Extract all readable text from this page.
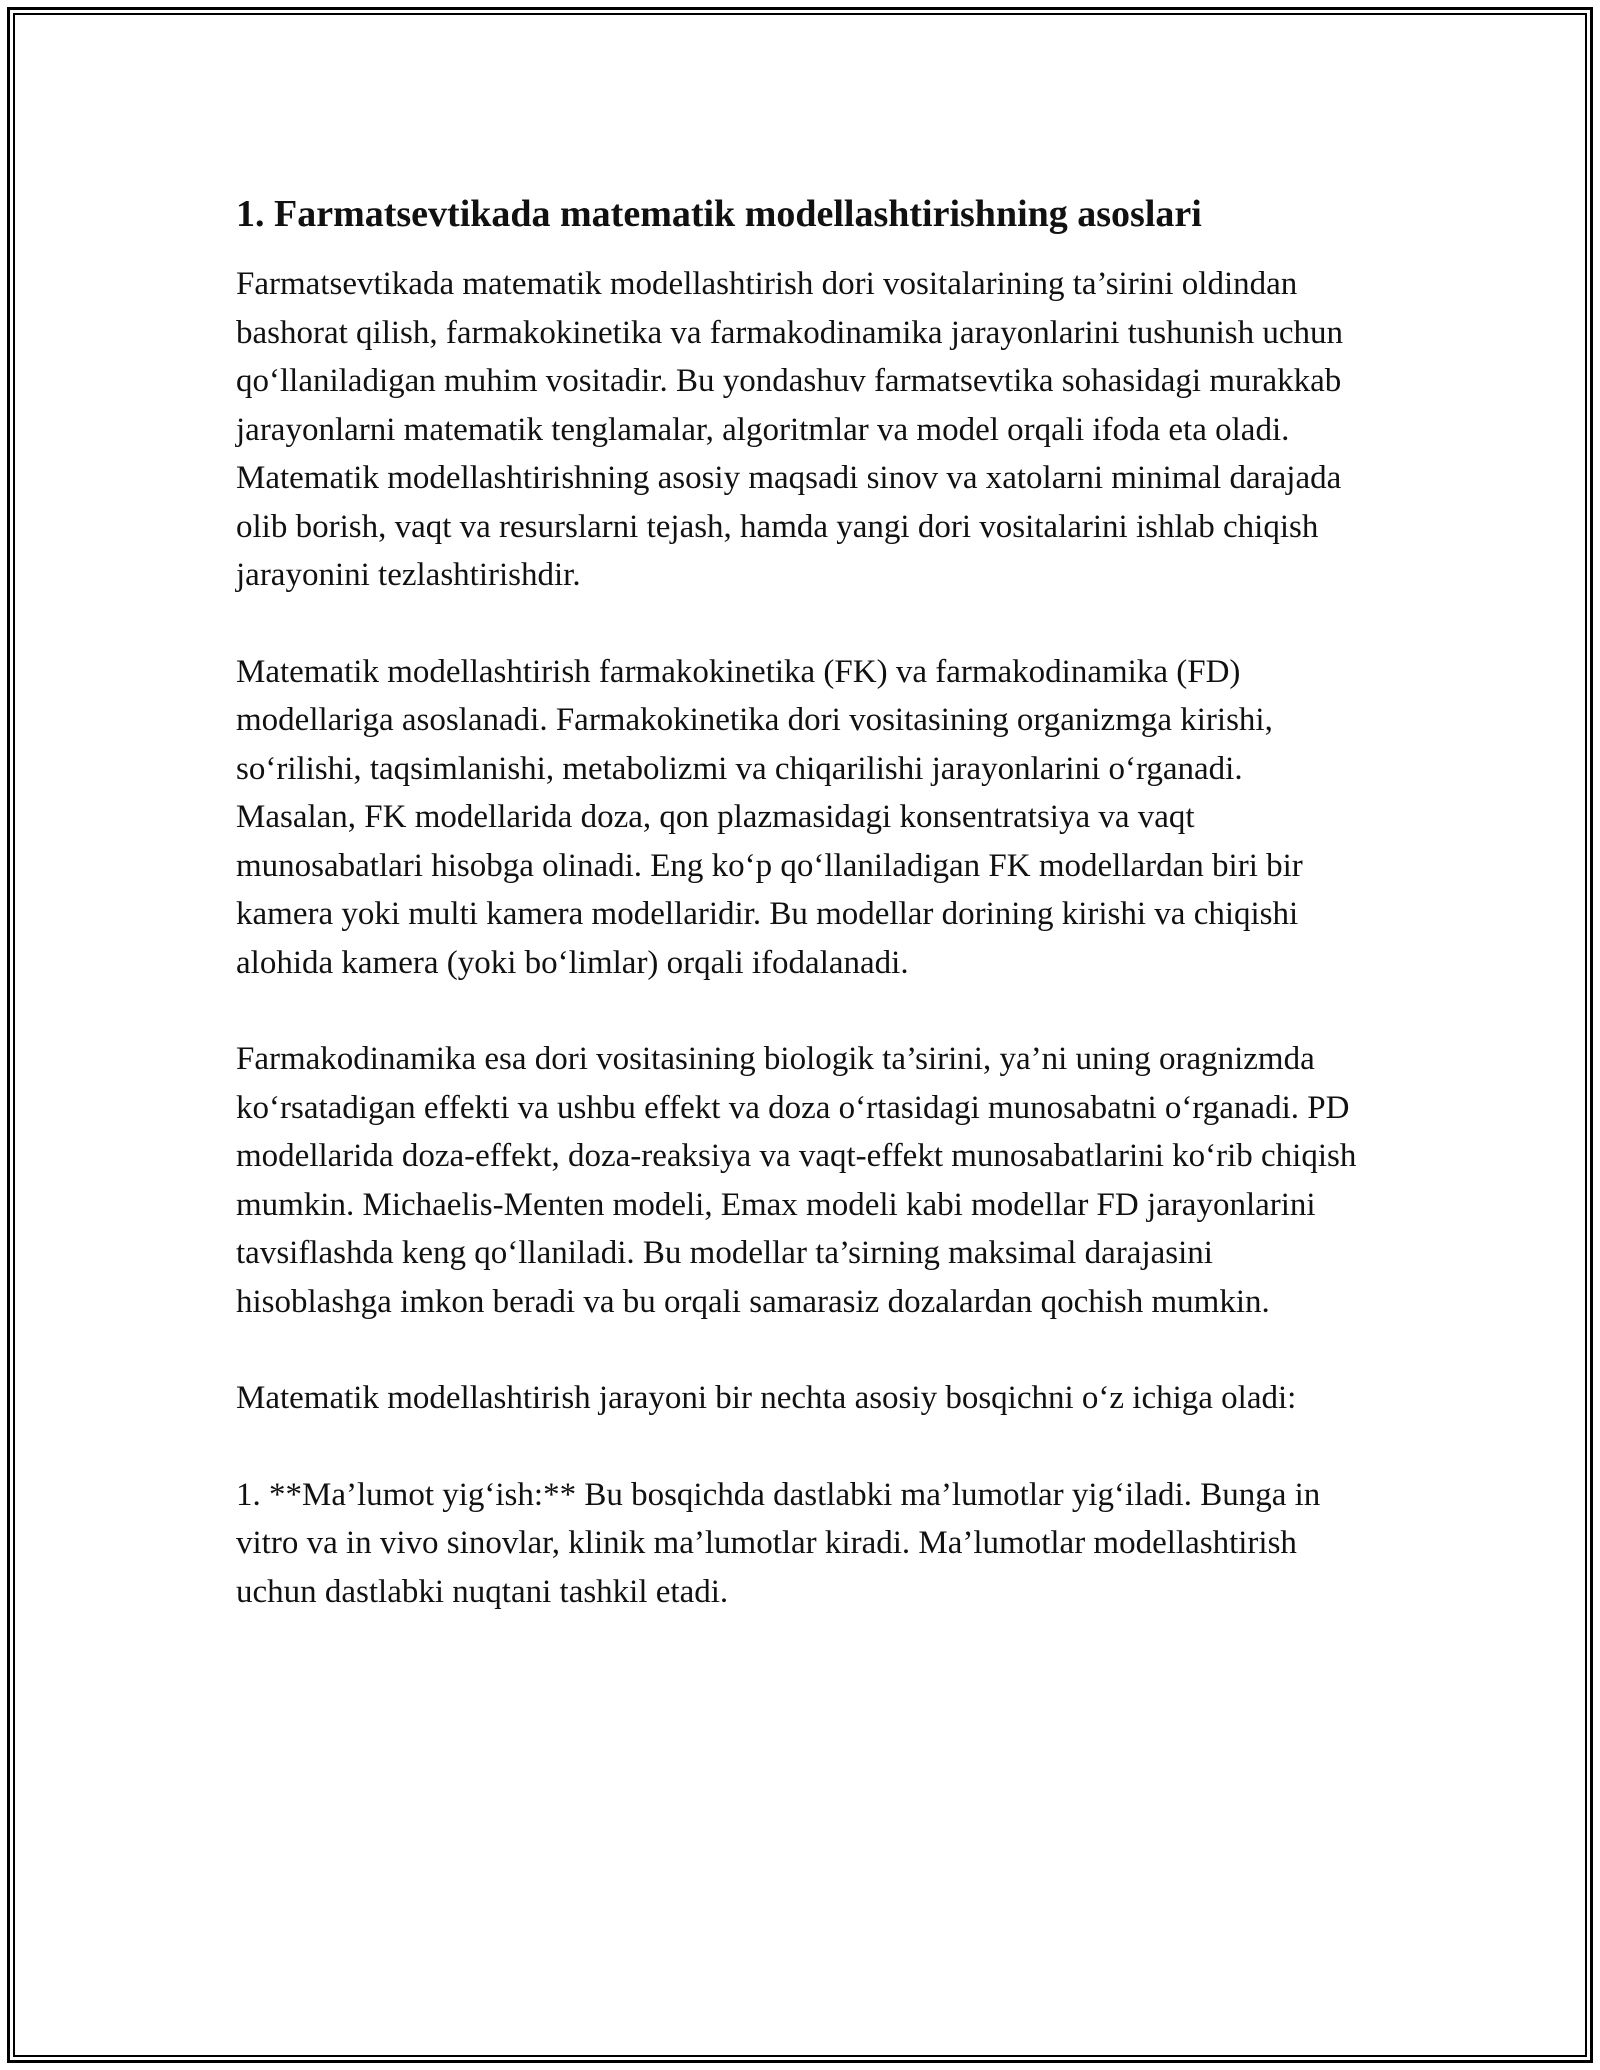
1. Farmatsevtikada matematik modellashtirishning asoslari

Farmatsevtikada matematik modellashtirish dori vositalarining ta’sirini oldindan bashorat qilish, farmakokinetika va farmakodinamika jarayonlarini tushunish uchun qo‘llaniladigan muhim vositadir. Bu yondashuv farmatsevtika sohasidagi murakkab jarayonlarni matematik tenglamalar, algoritmlar va model orqali ifoda eta oladi. Matematik modellashtirishning asosiy maqsadi sinov va xatolarni minimal darajada olib borish, vaqt va resurslarni tejash, hamda yangi dori vositalarini ishlab chiqish jarayonini tezlashtirishdir.

Matematik modellashtirish farmakokinetika (FK) va farmakodinamika (FD) modellariga asoslanadi. Farmakokinetika dori vositasining organizmga kirishi, so‘rilishi, taqsimlanishi, metabolizmi va chiqarilishi jarayonlarini o‘rganadi. Masalan, FK modellarida doza, qon plazmasidagi konsentratsiya va vaqt munosabatlari hisobga olinadi. Eng ko‘p qo‘llaniladigan FK modellardan biri bir kamera yoki multi kamera modellaridir. Bu modellar dorining kirishi va chiqishi alohida kamera (yoki bo‘limlar) orqali ifodalanadi.

Farmakodinamika esa dori vositasining biologik ta’sirini, ya’ni uning oragnizmda ko‘rsatadigan effekti va ushbu effekt va doza o‘rtasidagi munosabatni o‘rganadi. PD modellarida doza-effekt, doza-reaksiya va vaqt-effekt munosabatlarini ko‘rib chiqish mumkin. Michaelis-Menten modeli, Emax modeli kabi modellar FD jarayonlarini tavsiflashda keng qo‘llaniladi. Bu modellar ta’sirning maksimal darajasini hisoblashga imkon beradi va bu orqali samarasiz dozalardan qochish mumkin.

Matematik modellashtirish jarayoni bir nechta asosiy bosqichni o‘z ichiga oladi:

1. **Ma’lumot yig‘ish:** Bu bosqichda dastlabki ma’lumotlar yig‘iladi. Bunga in vitro va in vivo sinovlar, klinik ma’lumotlar kiradi. Ma’lumotlar modellashtirish uchun dastlabki nuqtani tashkil etadi.
